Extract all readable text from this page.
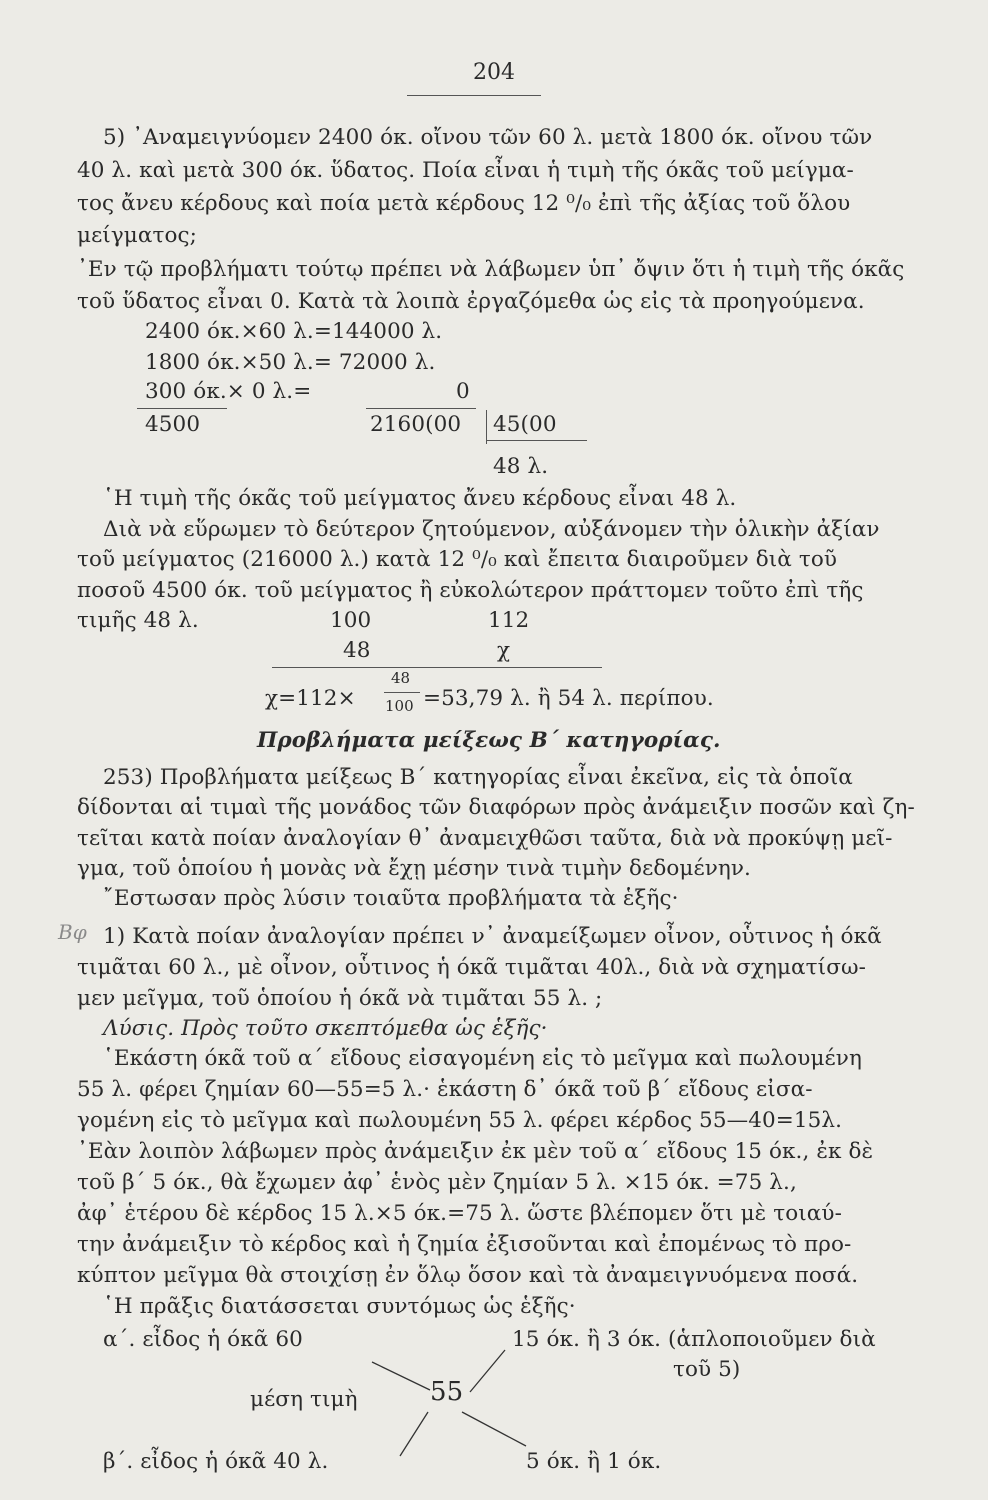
204
5) ᾿Αναμειγνύομεν 2400 όκ. οἴνου τῶν 60 λ. μετὰ 1800 όκ. οἴνου τῶν
40 λ. καὶ μετὰ 300 όκ. ὕδατος. Ποία εἶναι ἡ τιμὴ τῆς όκᾶς τοῦ μείγμα-
τος ἄνευ κέρδους καὶ ποία μετὰ κέρδους 12 ⁰/₀ ἐπὶ τῆς ἀξίας τοῦ ὅλου
μείγματος;
᾿Εν τῷ προβλήματι τούτῳ πρέπει νὰ λάβωμεν ὑπ᾿ ὄψιν ὅτι ἡ τιμὴ τῆς όκᾶς
τοῦ ὕδατος εἶναι 0. Κατὰ τὰ λοιπὰ ἐργαζόμεθα ὡς εἰς τὰ προηγούμενα.
2400 όκ.×60 λ.=144000 λ.
1800 όκ.×50 λ.= 72000 λ.
300 όκ.× 0 λ.=	0
4500	2160(00 45(00
48 λ.
῾Η τιμὴ τῆς όκᾶς τοῦ μείγματος ἄνευ κέρδους εἶναι 48 λ.
Διὰ νὰ εὕρωμεν τὸ δεύτερον ζητούμενον, αὐξάνομεν τὴν ὁλικὴν ἀξίαν
τοῦ μείγματος (216000 λ.) κατὰ 12 ⁰/₀ καὶ ἔπειτα διαιροῦμεν διὰ τοῦ
ποσοῦ 4500 όκ. τοῦ μείγματος ἢ εὐκολώτερον πράττομεν τοῦτο ἐπὶ τῆς
τιμῆς 48 λ.	100	112
48	χ
χ=112×
48
100 =53,79 λ. ἢ 54 λ. περίπου.
Προβλήματα μείξεως Β΄ κατηγορίας.
253) Προβλήματα μείξεως Β΄ κατηγορίας εἶναι ἐκεῖνα, εἰς τὰ ὁποῖα
δίδονται αἱ τιμαὶ τῆς μονάδος τῶν διαφόρων πρὸς ἀνάμειξιν ποσῶν καὶ ζη-
τεῖται κατὰ ποίαν ἀναλογίαν θ᾿ ἀναμειχθῶσι ταῦτα, διὰ νὰ προκύψῃ μεῖ-
γμα, τοῦ ὁποίου ἡ μονὰς νὰ ἔχῃ μέσην τινὰ τιμὴν δεδομένην.
῎Εστωσαν πρὸς λύσιν τοιαῦτα προβλήματα τὰ ἑξῆς·
1) Κατὰ ποίαν ἀναλογίαν πρέπει ν᾿ ἀναμείξωμεν οἶνον, οὗτινος ἡ όκᾶ
τιμᾶται 60 λ., μὲ οἶνον, οὗτινος ἡ όκᾶ τιμᾶται 40λ., διὰ νὰ σχηματίσω-
μεν μεῖγμα, τοῦ ὁποίου ἡ όκᾶ νὰ τιμᾶται 55 λ. ;
Λύσις. Πρὸς τοῦτο σκεπτόμεθα ὡς ἑξῆς·
῾Εκάστη όκᾶ τοῦ α΄ εἴδους εἰσαγομένη εἰς τὸ μεῖγμα καὶ πωλουμένη
55 λ. φέρει ζημίαν 60—55=5 λ.· ἑκάστη δ᾿ όκᾶ τοῦ β΄ εἴδους εἰσα-
γομένη εἰς τὸ μεῖγμα καὶ πωλουμένη 55 λ. φέρει κέρδος 55—40=15λ.
᾿Εὰν λοιπὸν λάβωμεν πρὸς ἀνάμειξιν ἐκ μὲν τοῦ α΄ εἴδους 15 όκ., ἐκ δὲ
τοῦ β΄ 5 όκ., θὰ ἔχωμεν ἀφ᾿ ἑνὸς μὲν ζημίαν 5 λ. ×15 όκ. =75 λ.,
ἀφ᾿ ἑτέρου δὲ κέρδος 15 λ.×5 όκ.=75 λ. ὥστε βλέπομεν ὅτι μὲ τοιαύ-
την ἀνάμειξιν τὸ κέρδος καὶ ἡ ζημία ἐξισοῦνται καὶ ἐπομένως τὸ προ-
κύπτον μεῖγμα θὰ στοιχίσῃ ἐν ὅλῳ ὅσον καὶ τὰ ἀναμειγνυόμενα ποσά.
῾Η πρᾶξις διατάσσεται συντόμως ὡς ἑξῆς·
α΄. εἶδος ἡ όκᾶ 60	15 όκ. ἢ 3 όκ. (ἁπλοποιοῦμεν διὰ
τοῦ 5)
μέση τιμὴ	55
β΄. εἶδος ἡ όκᾶ 40 λ.	5 όκ. ἢ 1 όκ.
Βφ
